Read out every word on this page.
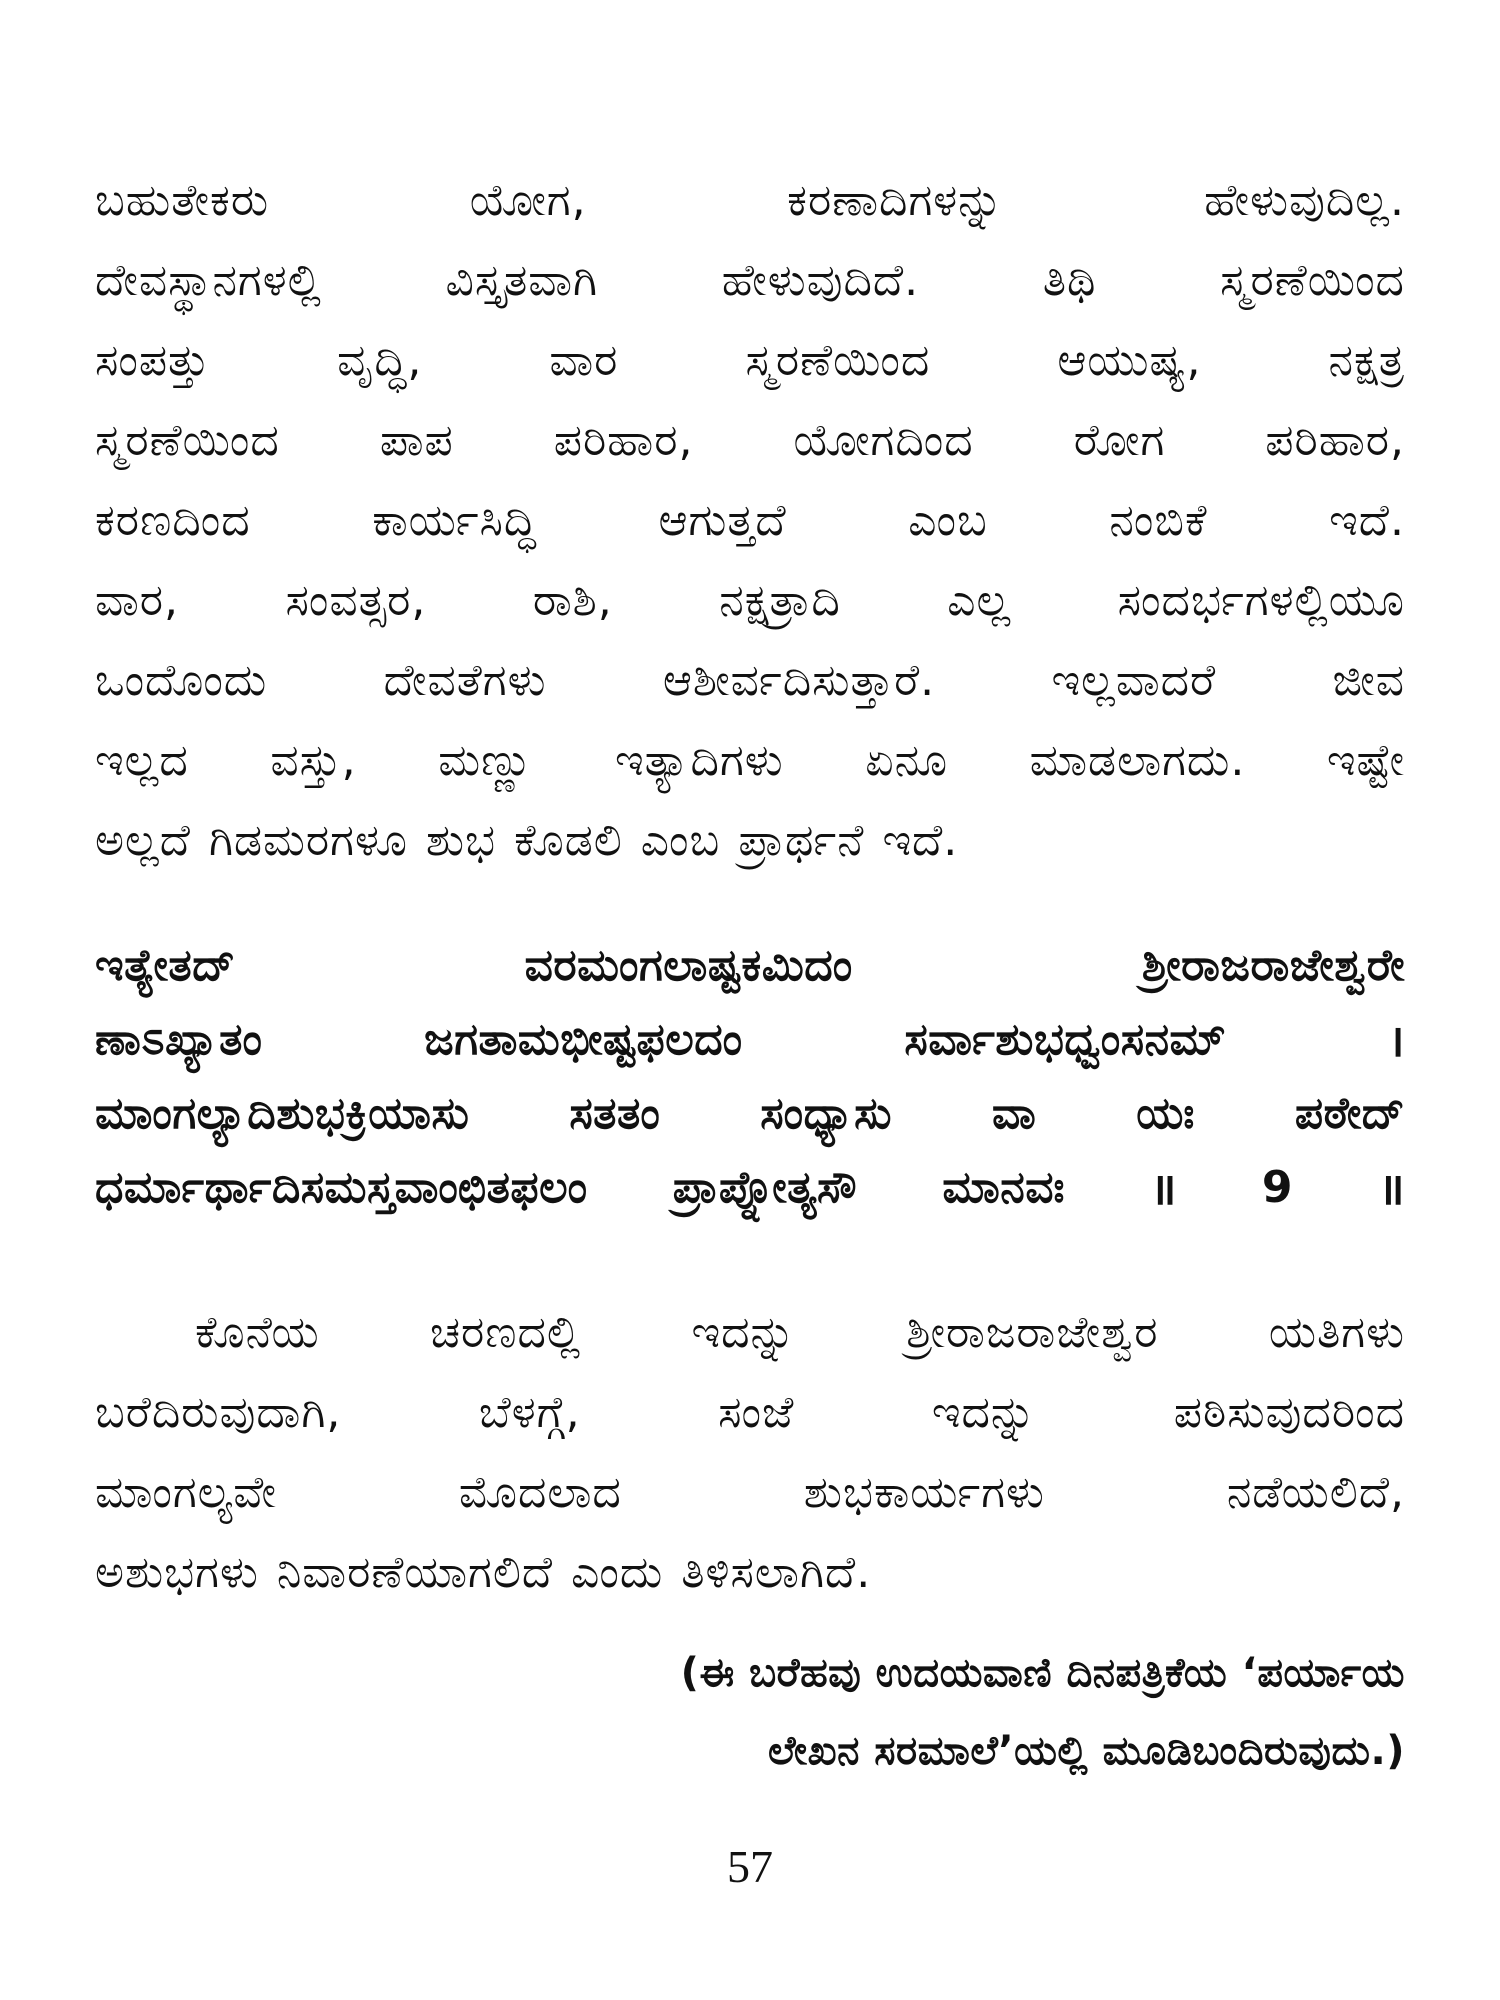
ಬಹುತೇಕರು	ಯೋಗ,	ಕರಣಾದಿಗಳನ್ನು	ಹೇಳುವುದಿಲ್ಲ.
ದೇವಸ್ಥಾನಗಳಲ್ಲಿ	ವಿಸ್ತೃತವಾಗಿ	ಹೇಳುವುದಿದೆ.	ತಿಥಿ	ಸ್ಮರಣೆಯಿಂದ
ಸಂಪತ್ತು	ವೃದ್ಧಿ,	ವಾರ	ಸ್ಮರಣೆಯಿಂದ	ಆಯುಷ್ಯ,	ನಕ್ಷತ್ರ
ಸ್ಮರಣೆಯಿಂದ ಪಾಪ ಪರಿಹಾರ, ಯೋಗದಿಂದ ರೋಗ ಪರಿಹಾರ,
ಕರಣದಿಂದ	ಕಾರ್ಯಸಿದ್ಧಿ	ಆಗುತ್ತದೆ	ಎಂಬ	ನಂಬಿಕೆ	ಇದೆ.
ವಾರ, ಸಂವತ್ಸರ, ರಾಶಿ, ನಕ್ಷತ್ರಾದಿ ಎಲ್ಲ ಸಂದರ್ಭಗಳಲ್ಲಿಯೂ
ಒಂದೊಂದು	ದೇವತೆಗಳು	ಆಶೀರ್ವದಿಸುತ್ತಾರೆ.	ಇಲ್ಲವಾದರೆ	ಜೀವ
ಇಲ್ಲದ ವಸ್ತು, ಮಣ್ಣು ಇತ್ಯಾದಿಗಳು ಏನೂ ಮಾಡಲಾಗದು. ಇಷ್ಟೇ
ಅಲ್ಲದೆ ಗಿಡಮರಗಳೂ ಶುಭ ಕೊಡಲಿ ಎಂಬ ಪ್ರಾರ್ಥನೆ ಇದೆ.
ಇತ್ಯೇತದ್	ವರಮಂಗಲಾಷ್ಟಕಮಿದಂ	ಶ್ರೀರಾಜರಾಜೇಶ್ವರೇ
ಣಾಽಖ್ಯಾತಂ	ಜಗತಾಮಭೀಷ್ಟಫಲದಂ	ಸರ್ವಾಶುಭಧ್ವಂಸನಮ್	।
ಮಾಂಗಲ್ಯಾದಿಶುಭಕ್ರಿಯಾಸು ಸತತಂ ಸಂಧ್ಯಾಸು ವಾ ಯಃ ಪಠೇದ್
ಧರ್ಮಾರ್ಥಾದಿಸಮಸ್ತವಾಂಛಿತಫಲಂ ಪ್ರಾಪ್ನೋತ್ಯಸೌ ಮಾನವಃ ॥ 9 ॥
ಕೊನೆಯ	ಚರಣದಲ್ಲಿ	ಇದನ್ನು	ಶ್ರೀರಾಜರಾಜೇಶ್ವರ	ಯತಿಗಳು
ಬರೆದಿರುವುದಾಗಿ,	ಬೆಳಗ್ಗೆ,	ಸಂಜೆ	ಇದನ್ನು	ಪಠಿಸುವುದರಿಂದ
ಮಾಂಗಲ್ಯವೇ	ಮೊದಲಾದ	ಶುಭಕಾರ್ಯಗಳು	ನಡೆಯಲಿದೆ,
ಅಶುಭಗಳು ನಿವಾರಣೆಯಾಗಲಿದೆ ಎಂದು ತಿಳಿಸಲಾಗಿದೆ.
(ಈ ಬರೆಹವು ಉದಯವಾಣಿ ದಿನಪತ್ರಿಕೆಯ ‘ಪರ್ಯಾಯ
ಲೇಖನ ಸರಮಾಲೆ’ಯಲ್ಲಿ ಮೂಡಿಬಂದಿರುವುದು.)
57
